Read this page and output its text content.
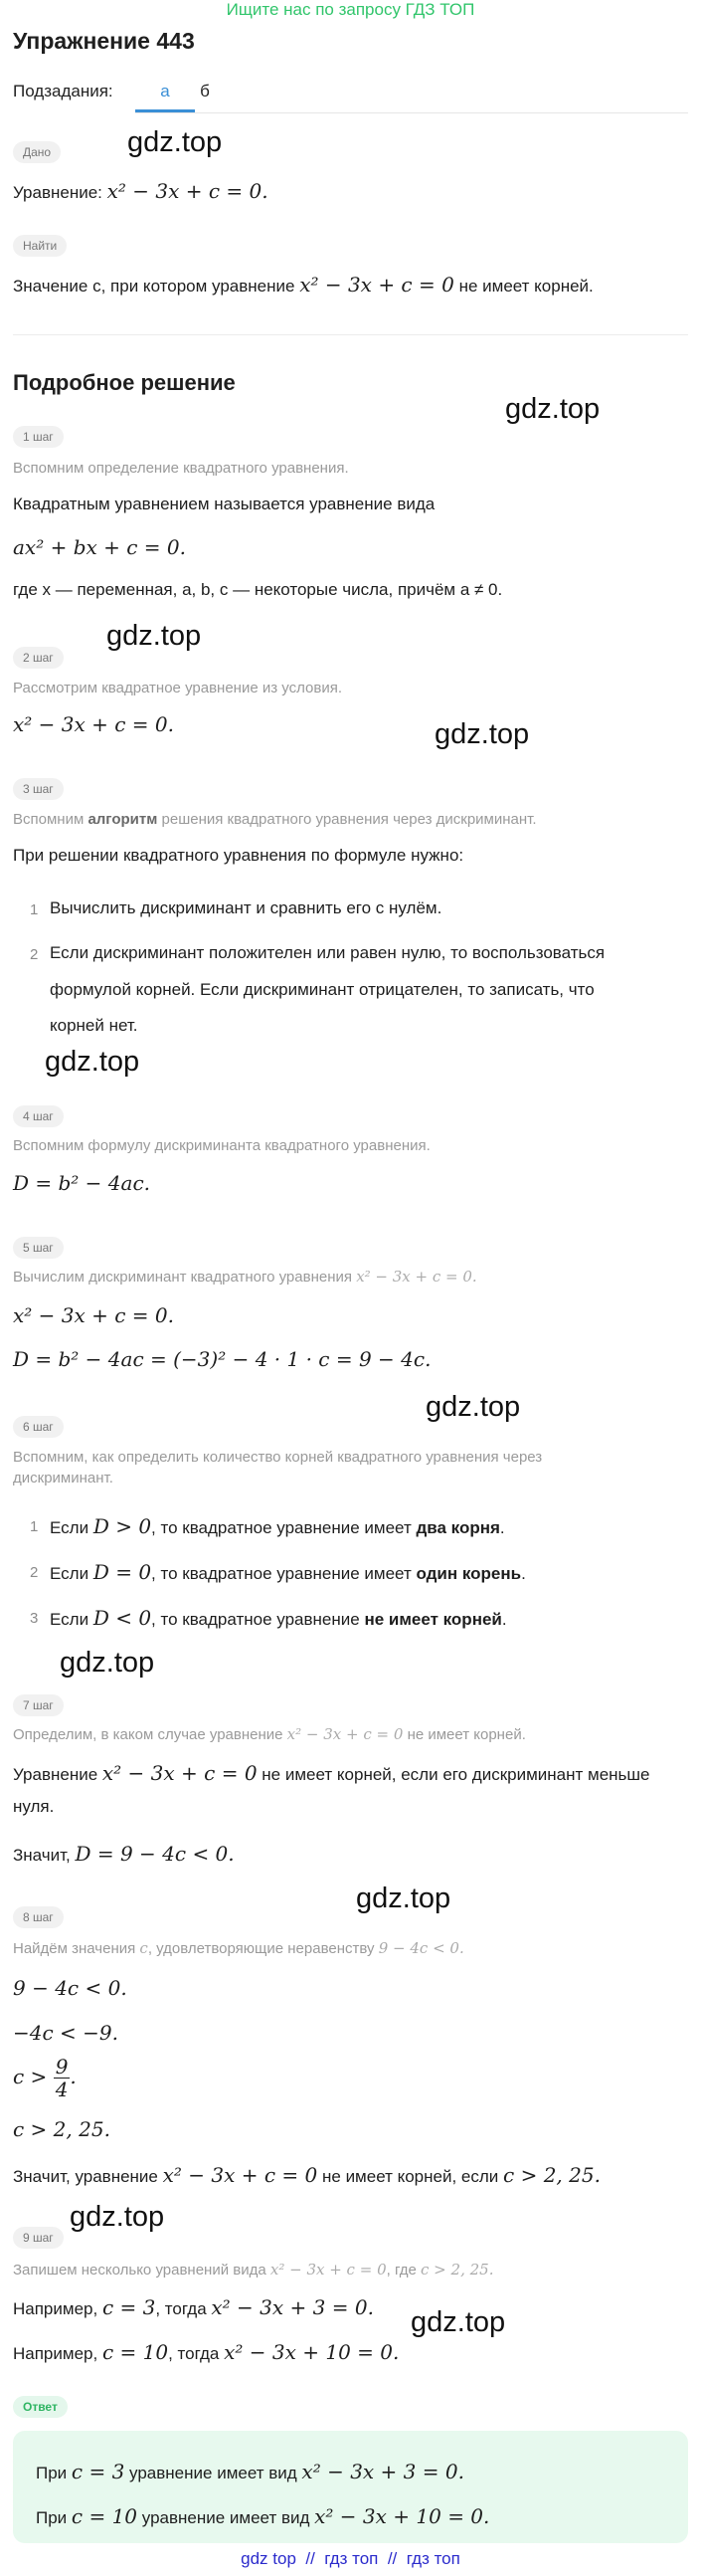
Ищите нас по запросу ГДЗ ТОП
Упражнение 443
Подзадания:	а	б
Дано	gdz.top
Уравнение: x² − 3x + c = 0.
Найти
Значение c, при котором уравнение x² − 3x + c = 0 не имеет корней.
Подробное решение
gdz.top
1 шаг
Вспомним определение квадратного уравнения.
Квадратным уравнением называется уравнение вида
ax² + bx + c = 0.
где x — переменная, a, b, c — некоторые числа, причём a ≠ 0.
gdz.top
2 шаг
Рассмотрим квадратное уравнение из условия.
x² − 3x + c = 0.	gdz.top
3 шаг
Вспомним алгоритм решения квадратного уравнения через дискриминант.
При решении квадратного уравнения по формуле нужно:
1 Вычислить дискриминант и сравнить его с нулём.
2 Если дискриминант положителен или равен нулю, то воспользоваться
формулой корней. Если дискриминант отрицателен, то записать, что
корней нет.
gdz.top
4 шаг
Вспомним формулу дискриминанта квадратного уравнения.
D = b² − 4ac.
5 шаг
Вычислим дискриминант квадратного уравнения x² − 3x + c = 0.
x² − 3x + c = 0.
D = b² − 4ac = (−3)² − 4 · 1 · c = 9 − 4c.
gdz.top
6 шаг
Вспомним, как определить количество корней квадратного уравнения через
дискриминант.
1 Если D > 0, то квадратное уравнение имеет два корня.
2 Если D = 0, то квадратное уравнение имеет один корень.
3 Если D < 0, то квадратное уравнение не имеет корней.
gdz.top
7 шаг
Определим, в каком случае уравнение x² − 3x + c = 0 не имеет корней.
Уравнение x² − 3x + c = 0 не имеет корней, если его дискриминант меньше
нуля.
Значит, D = 9 − 4c < 0.
gdz.top
8 шаг
Найдём значения c, удовлетворяющие неравенству 9 − 4c < 0.
9 − 4c < 0.
−4c < −9.
$c > \frac{9}{4}$ .
c > 2, 25.
Значит, уравнение x² − 3x + c = 0 не имеет корней, если c > 2, 25.
gdz.top
9 шаг
Запишем несколько уравнений вида x² − 3x + c = 0, где c > 2, 25.
gdz.top
Например, c = 3, тогда x² − 3x + 3 = 0.
Например, c = 10, тогда x² − 3x + 10 = 0.
Ответ
При c = 3 уравнение имеет вид x² − 3x + 3 = 0.
При c = 10 уравнение имеет вид x² − 3x + 10 = 0.
gdz top  //  гдз топ  //  гдз топ
